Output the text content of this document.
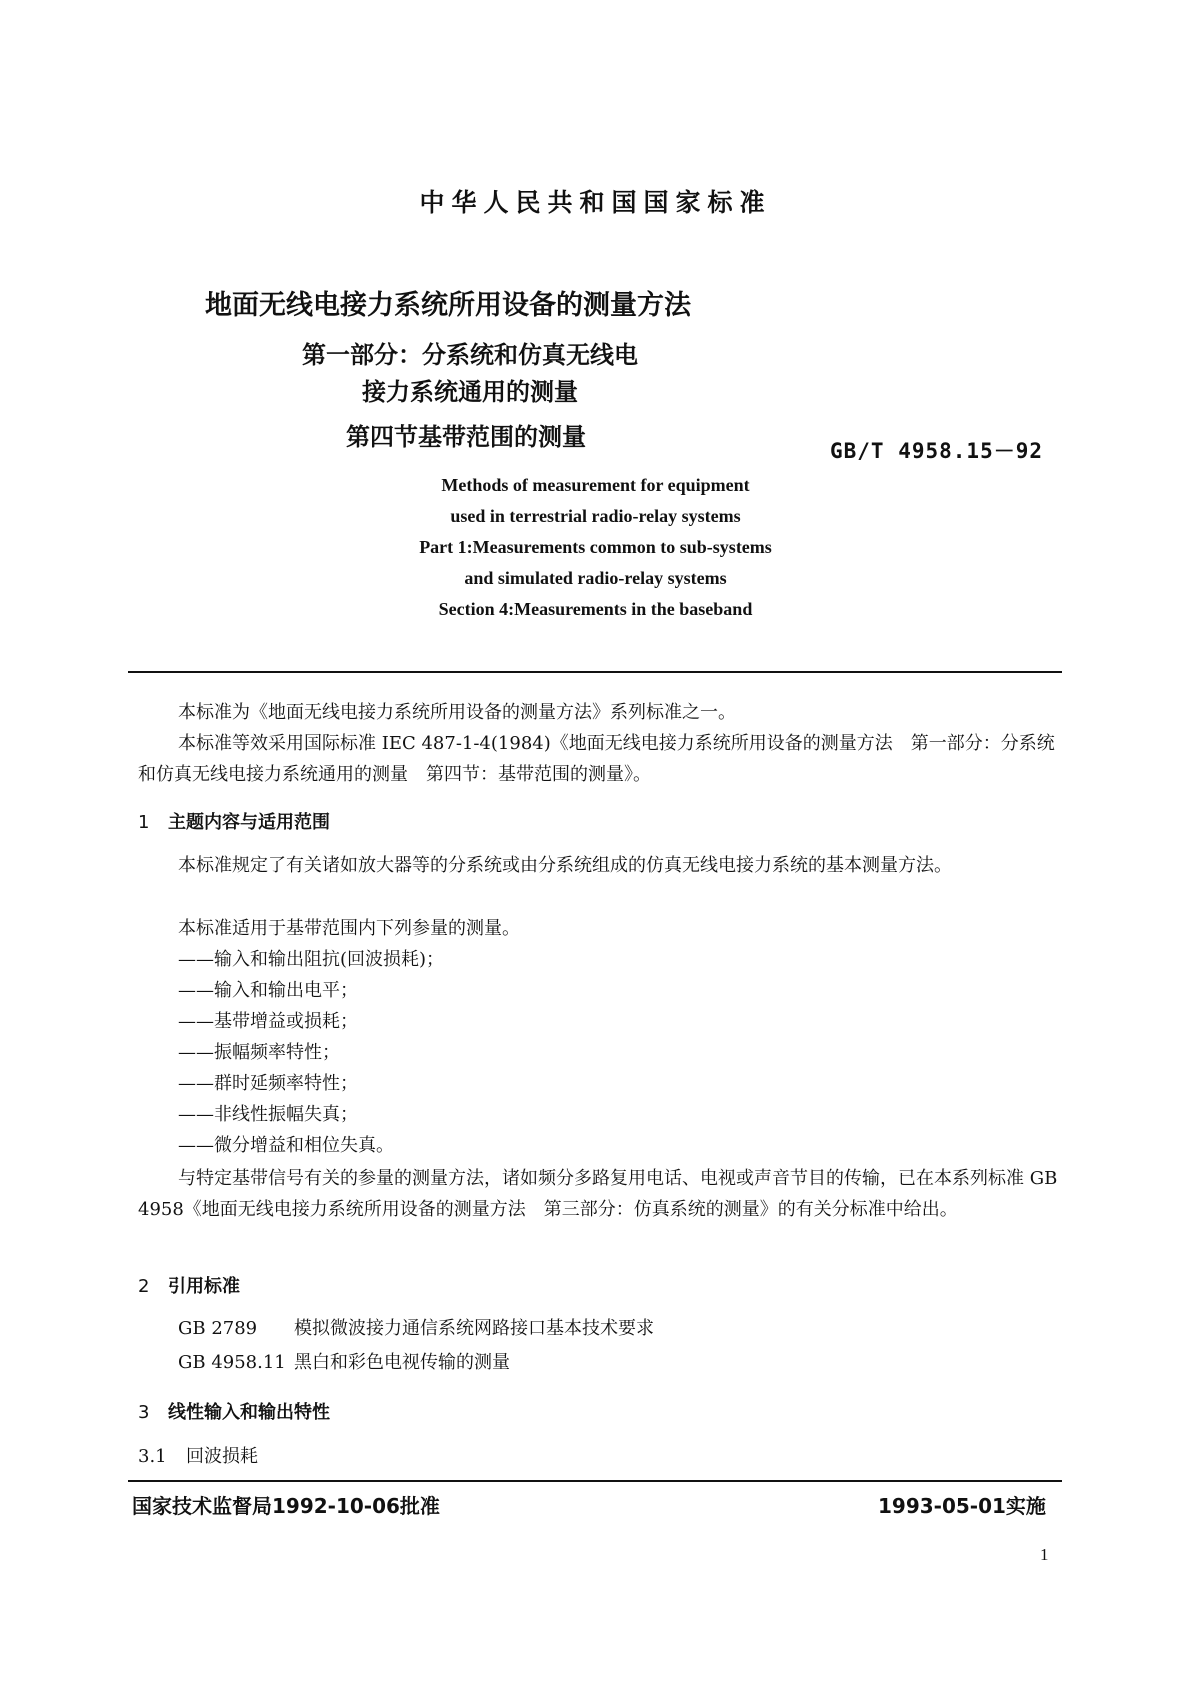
中华人民共和国国家标准
地面无线电接力系统所用设备的测量方法
第一部分：分系统和仿真无线电
接力系统通用的测量
第四节基带范围的测量	GB/T 4958.15－92
Methods of measurement for equipment
used in terrestrial radio-relay systems
Part 1:Measurements common to sub-systems
and simulated radio-relay systems
Section 4:Measurements in the baseband
本标准为《地面无线电接力系统所用设备的测量方法》系列标准之一。
本标准等效采用国际标准 IEC 487-1-4(1984)《地面无线电接力系统所用设备的测量方法　第一部分：分系统和仿真无线电接力系统通用的测量　第四节：基带范围的测量》。
1 主题内容与适用范围
本标准规定了有关诸如放大器等的分系统或由分系统组成的仿真无线电接力系统的基本测量方法。
本标准适用于基带范围内下列参量的测量。
——输入和输出阻抗(回波损耗)；
——输入和输出电平；
——基带增益或损耗；
——振幅频率特性；
——群时延频率特性；
——非线性振幅失真；
——微分增益和相位失真。
与特定基带信号有关的参量的测量方法，诸如频分多路复用电话、电视或声音节目的传输，已在本系列标准 GB 4958《地面无线电接力系统所用设备的测量方法　第三部分：仿真系统的测量》的有关分标准中给出。
2 引用标准
GB 2789 模拟微波接力通信系统网路接口基本技术要求
GB 4958.11 黑白和彩色电视传输的测量
3 线性输入和输出特性
3.1 回波损耗
国家技术监督局1992-10-06批准	1993-05-01实施
1
